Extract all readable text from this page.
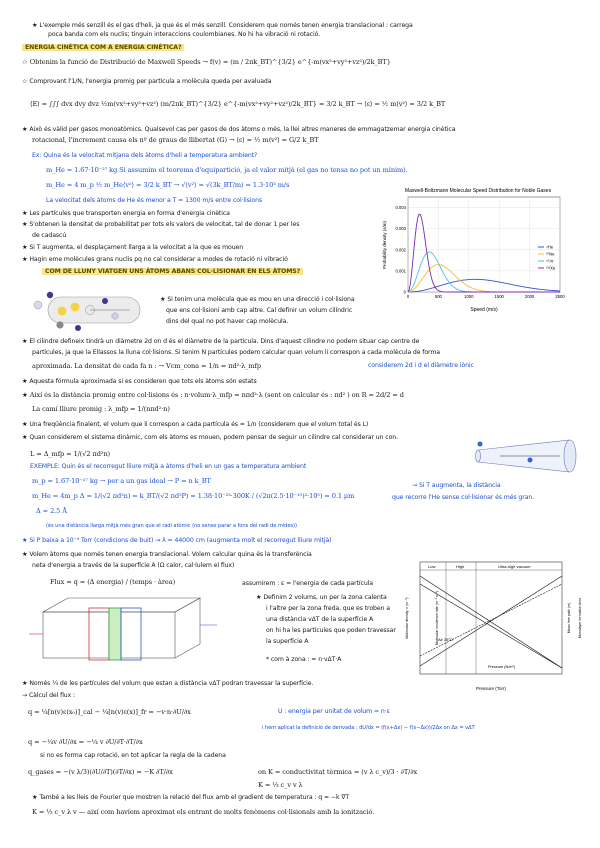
★ L'exemple més senzill és el gas d'heli, ja que és el més senzill. Considerem que només tenen energia translacional : carrega
poca banda com els nuclis; tinguin interaccions coulombianes. No hi ha vibració ni rotació.
ENERGIA CINÈTICA COM A ENERGIA CINÈTICA?
☆ Obtenim la funció de Distribució de Maxwell Speeds → f(v) = (m / 2πk_BT)^{3/2} e^{-m(vx²+vy²+vz²)/2k_BT}
☆ Comprovant l'1/N, l'energia promig per partícula a molècula queda per avaluada
⟨E⟩ = ∫∫∫ dvx dvy dvz ½m(vx²+vy²+vz²) (m/2πk_BT)^{3/2} e^{-m(vx²+vy²+vz²)/2k_BT} = 3/2 k_BT → ⟨ε⟩ = ½ m⟨v²⟩ = 3/2 k_BT
★ Això és vàlid per gasos monoatòmics. Qualsevol cas per gasos de dos àtoms o més, la llei altres maneres de emmagatzemar energia cinètica
rotacional, l'increment causa els nº de graus de llibertat (G) → ⟨ε⟩ = ½ m⟨v²⟩ = G/2 k_BT
Ex: Quina és la velocitat mitjana dels àtoms d'heli a temperatura ambient?
m_He = 1.67·10⁻²⁷ kg Si assumim el teorema d'equipartició, ja el valor mitjà (el gas no tensa no pot un mínim).
m_He = 4 m_p ½ m_He⟨v²⟩ = 3/2 k_BT → √⟨v²⟩ = √(3k_BT/m) = 1.3·10³ m/s
La velocitat dels àtoms de He és menor a T = 1300 m/s entre col·lisions
★ Les partícules que transporten energia en forma d'energia cinètica
★ S'obtenen la densitat de probabilitat per tots els valors de velocitat, tal de donar 1 per les
de cadascú
★ Si T augmenta, el desplaçament llarga a la velocitat a la que es mouen
★ Hagin eme molècules grans nuclis pq no cal considerar a modes de rotació ni vibració
COM DE LLUNY VIATGEN UNS ÀTOMS ABANS COL·LISIONAR EN ELS ÀTOMS?
Maxwell-Boltzmann Molecular Speed Distribution for Noble Gases
0	500	1000	1500	2000	2500
0
0.001
0.002
0.003
0.004
Speed (m/s)
Probability density (s/m)	⁴He
²⁰Ne
⁴⁰Ar
¹³²Xe
★ Si tenim una molècula que es mou en una direcció i col·lisiona
que ens col·lisioni amb cap altre. Cal definir un volum cilíndric
dins del qual no pot haver cap molècula.
★ El cilindre defineix tindrà un diàmetre 2d on d és el diàmetre de la partícula. Dins d'aquest cilindre no podem situar cap centre de
partícules, ja que la Ellassos la lluna col·lisions. Si tenim N partícules podem calcular quan volum li correspon a cada molècula de forma
aproximada. La densitat de cada fa n : → Vcm_cona = 1/n = πd²·λ_mfp	considerem 2d i d el diàmetre iònic
★ Aquesta fórmula aproximada si es consideren que tots els àtoms són estats
★ Així és la distància promig entre col·lisions és : n·volum·λ_mfp = nπd²·λ (sent on calcular és : πd² ) on R = 2d/2 = d
La camí lliure promig : λ_mfp = 1/(nπd²·n)
★ Una freqüència finalent, el volum que li correspon a cada partícula és = 1/n (considerem que el volum total és L)
★ Quan considerem el sistema dinàmic, com els àtoms es mouen, podem pensar de seguir un cilindre cal considerar un con.
L = Δ_mfp = 1/(√2 πd²n)
EXEMPLE: Quin és el recorregut lliure mitjà a àtoms d'heli en un gas a temperatura ambient
m_p = 1.67·10⁻²⁷ kg → per a un gas ideal → P = n k_BT
m_He = 4m_p Δ = 1/(√2 πd²n) = k_BT/(√2 πd²P) = 1.38·10⁻²³·300K / (√2π(2.5·10⁻¹⁰)²·10⁵) = 0.1 μm
Δ = 2.5 Å
→ Si T augmenta, la distància
que recorre l'He sense col·lisionar és més gran.
(és una distància llarga mitjà més gran que el radi atòmic (no sense parar a fons del radi de mides))
★ Si P baixa a 10⁻⁴ Torr (condicions de buit) → λ = 44000 cm (augmenta molt el recorregut lliure mitjà)
★ Volem àtoms que només tenen energia translacional. Volem calcular quina és la transferència
neta d'energia a través de la superfície A (Ω calor, cal·lulem el flux)
Flux = q = (Δ energia) / (temps · àrea)	assumirem : ε = l'energia de cada partícula
★ Definim 2 volums, un per la zona calenta
i l'altre per la zona freda, que es troben a
una distància vΔT de la superfície A
on hi ha les partícules que poden travessar
la superfície A
* com à zona : = n·vΔT·A
Low	High	Ultra-high vacuum
Air 25°C
Pressure (N/m²)
Pressure (Torr)
Molecular density, n (m⁻³)	Molecular incidence rate (m⁻² s⁻¹)	Mean free path (m) Monolayer formation time
★ Només ¼ de les partícules del volum que estan a distància vΔT podran travessar la superfície.
→ Càlcul del flux :
q = ¼[n(v)ε(x₀)]_cal − ¼[n(v)ε(x)]_fr = −v·n·∂U/∂x	U : energia per unitat de volum = n·ε
i hem aplicat la definició de derivada : dU/dx = (f(x+Δx) − f(x−Δx))/2Δx on Δx = vΔT
q = −¼v ∂U/∂x = −¼ v ∂U/∂T·∂T/∂x
si no es forma cap rotació, en tot aplicar la regla de la cadena
q_gases = −(v λ/3)(∂U/∂T)(∂T/∂x) = −K ∂T/∂x	on K = conductivitat tèrmica = (v λ c_v)/3 · ∂T/∂x
K = ⅓ c_v v λ
★ També a les lleis de Fourier que mostren la relació del flux amb el gradient de temperatura : q = −k ∇T
K = ⅓ c_v λ v — així com havíem aproximat els entrant de molts fenòmens col·lisionals amb la ionització.
